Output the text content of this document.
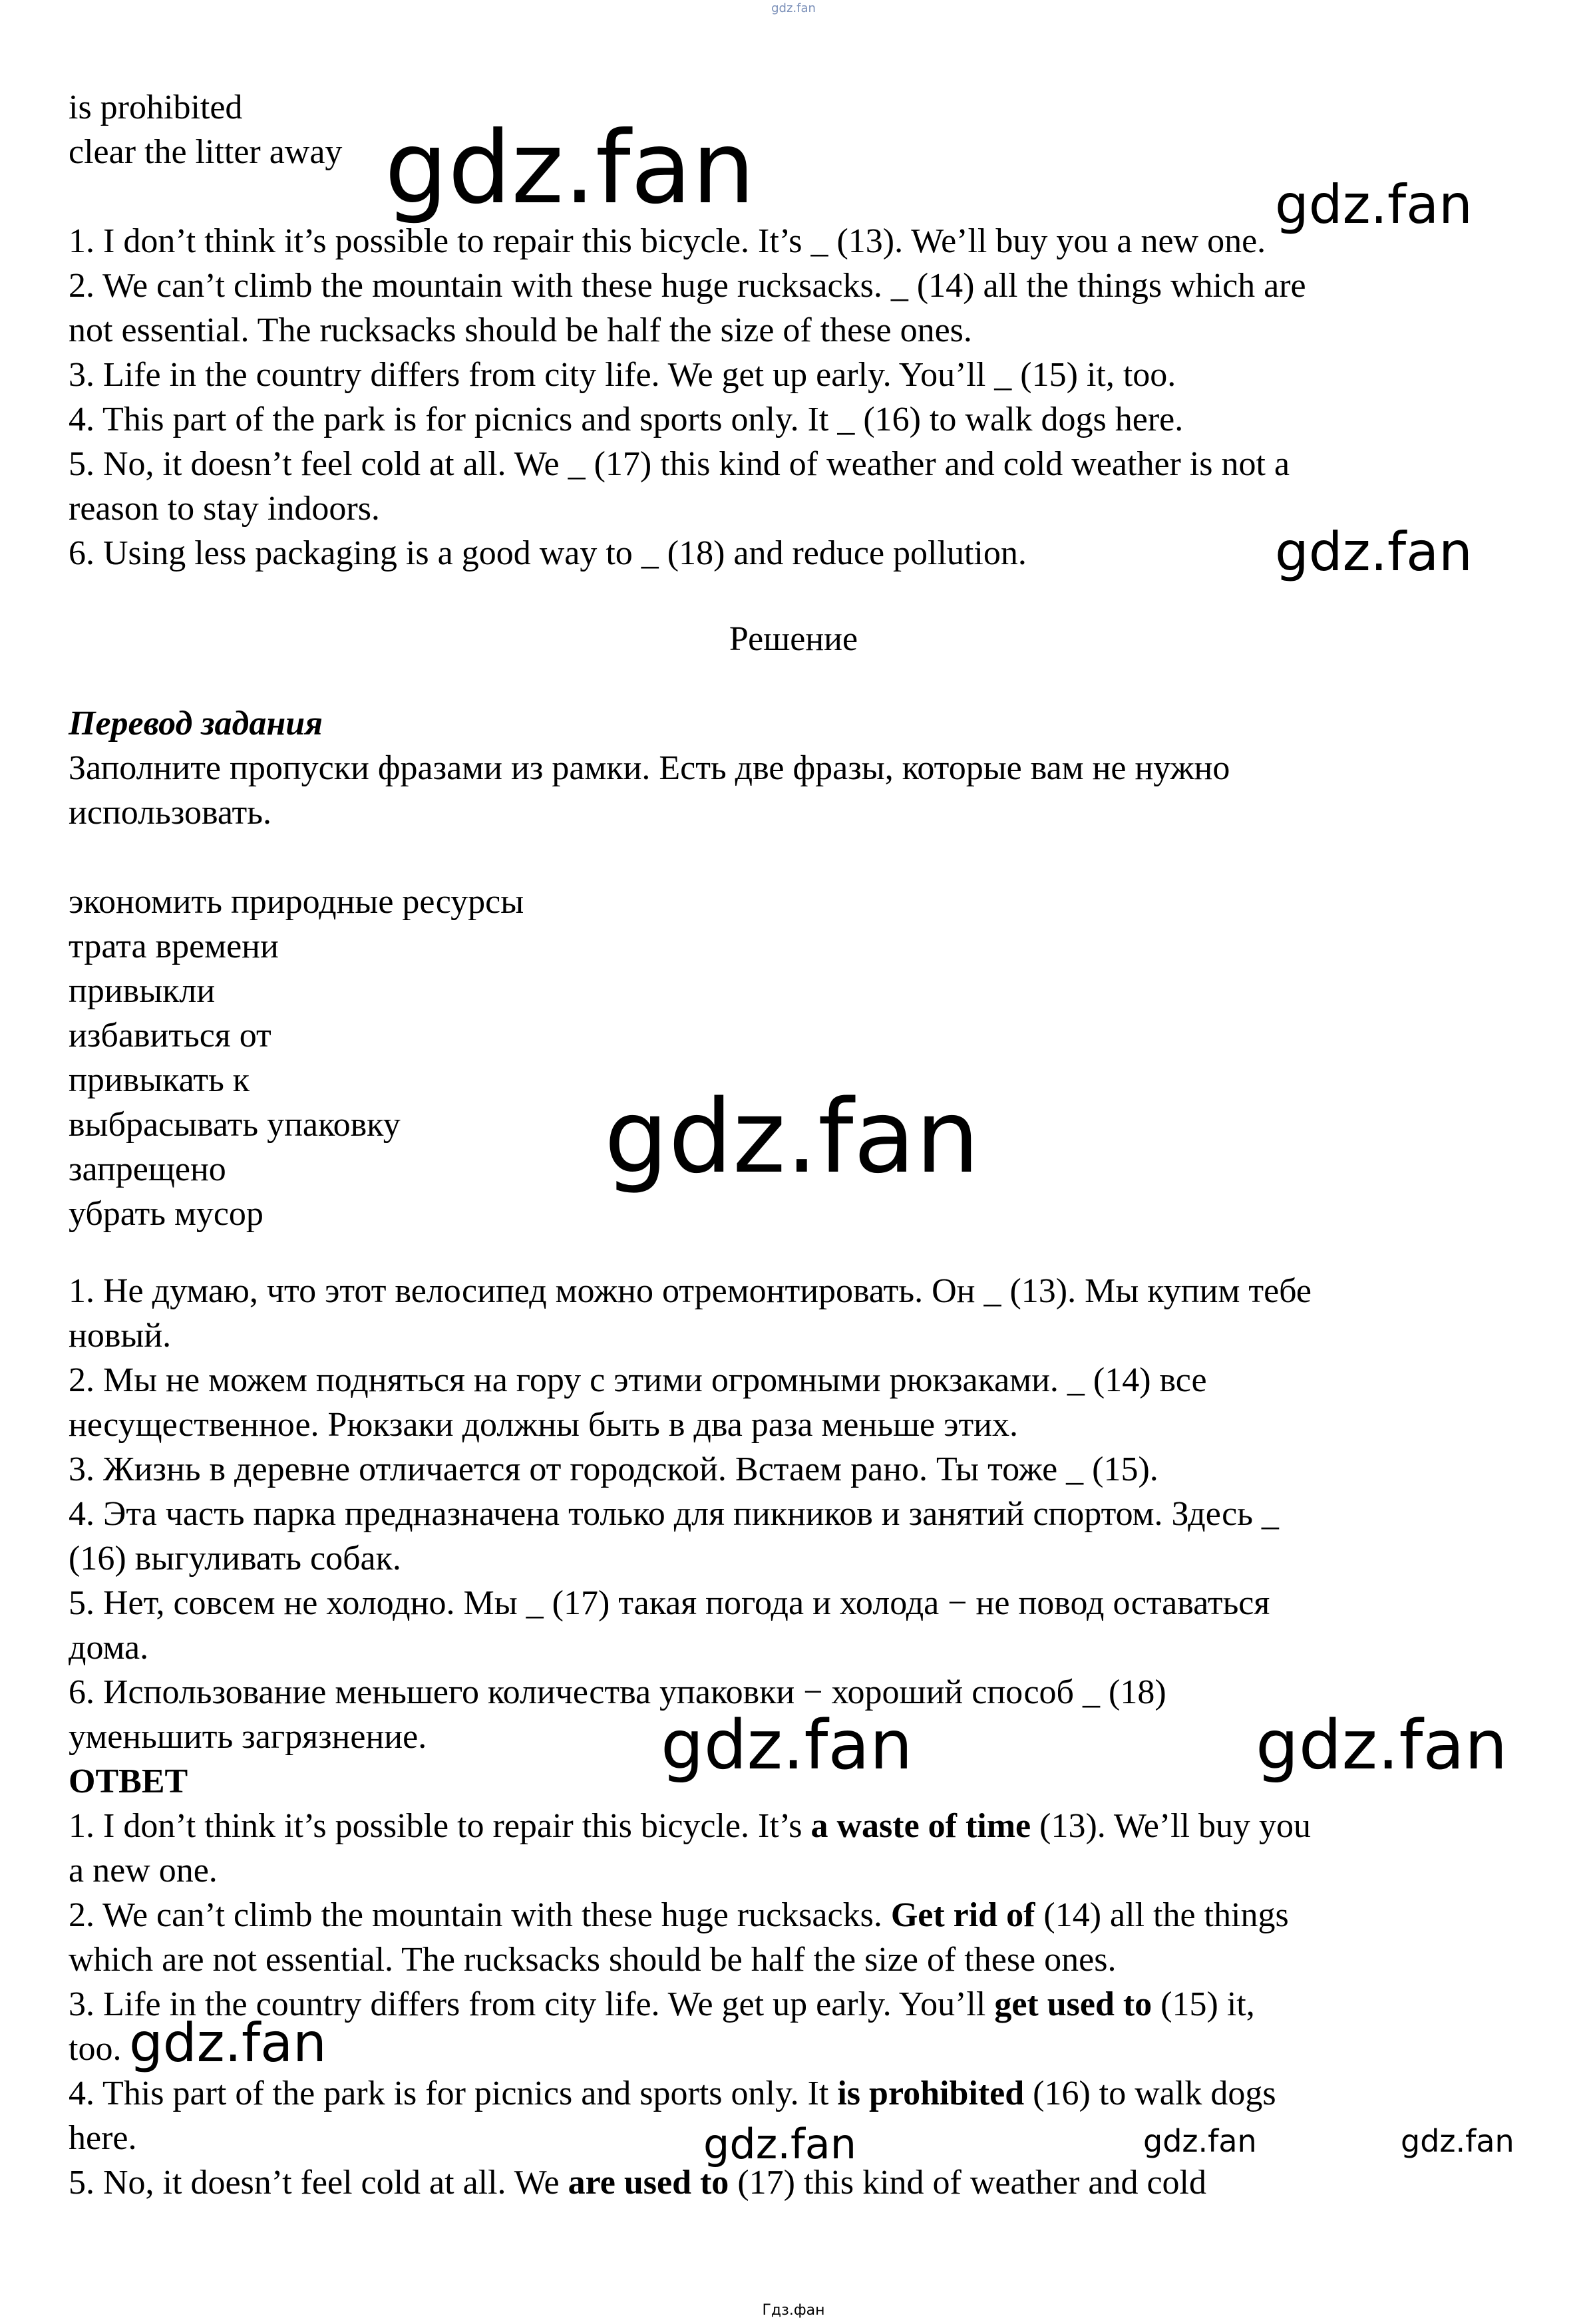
gdz.fan

is prohibited

clear the litter away

1. I don’t think it’s possible to repair this bicycle. It’s _ (13). We’ll buy you a new one.

2. We can’t climb the mountain with these huge rucksacks. _ (14) all the things which are

not essential. The rucksacks should be half the size of these ones.

3. Life in the country differs from city life. We get up early. You’ll _ (15) it, too.

4. This part of the park is for picnics and sports only. It _ (16) to walk dogs here.

5. No, it doesn’t feel cold at all. We _ (17) this kind of weather and cold weather is not a

reason to stay indoors.

6. Using less packaging is a good way to _ (18) and reduce pollution.

Решение

Перевод задания

Заполните пропуски фразами из рамки. Есть две фразы, которые вам не нужно

использовать.

экономить природные ресурсы

трата времени

привыкли

избавиться от

привыкать к

выбрасывать упаковку

запрещено

убрать мусор

1. Не думаю, что этот велосипед можно отремонтировать. Он _ (13). Мы купим тебе

новый.

2. Мы не можем подняться на гору с этими огромными рюкзаками. _ (14) все

несущественное. Рюкзаки должны быть в два раза меньше этих.

3. Жизнь в деревне отличается от городской. Встаем рано. Ты тоже _ (15).

4. Эта часть парка предназначена только для пикников и занятий спортом. Здесь _

(16) выгуливать собак.

5. Нет, совсем не холодно. Мы _ (17) такая погода и холода − не повод оставаться

дома.

6. Использование меньшего количества упаковки − хороший способ _ (18)

уменьшить загрязнение.

ОТВЕТ

1. I don’t think it’s possible to repair this bicycle. It’s a waste of time (13). We’ll buy you

a new one.

2. We can’t climb the mountain with these huge rucksacks. Get rid of (14) all the things

which are not essential. The rucksacks should be half the size of these ones.

3. Life in the country differs from city life. We get up early. You’ll get used to (15) it,

too.

4. This part of the park is for picnics and sports only. It is prohibited (16) to walk dogs

here.

5. No, it doesn’t feel cold at all. We are used to (17) this kind of weather and cold

gdz.fan	gdz.fan
gdz.fan
gdz.fan
gdz.fan	gdz.fan
gdz.fan
gdz.fan	gdz.fan	gdz.fan
Гдз.фан
